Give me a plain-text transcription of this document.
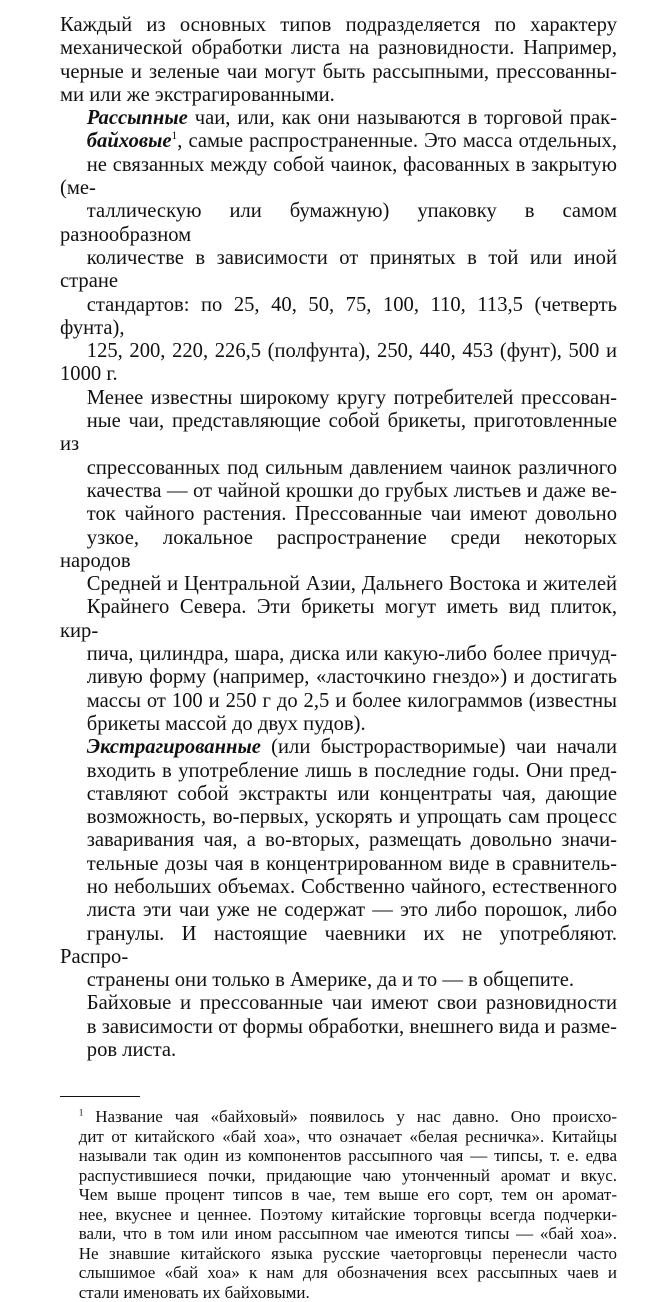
Каждый из основных типов подразделяется по характеру
механической обработки листа на разновидности. Например,
черные и зеленые чаи могут быть рассыпными, прессованны-
ми или же экстрагированными.

Рассыпные чаи, или, как они называются в торговой прак-
байховые$^1$, самые распространенные. Это масса отдельных,
не связанных между собой чаинок, фасованных в закрытую (ме-
таллическую или бумажную) упаковку в самом разнообразном
количестве в зависимости от принятых в той или иной стране
стандартов: по 25, 40, 50, 75, 100, 110, 113,5 (четверть фунта),
125, 200, 220, 226,5 (полфунта), 250, 440, 453 (фунт), 500 и 1000 г.

Менее известны широкому кругу потребителей прессован-
ные чаи, представляющие собой брикеты, приготовленные из
спрессованных под сильным давлением чаинок различного
качества — от чайной крошки до грубых листьев и даже ве-
ток чайного растения. Прессованные чаи имеют довольно
узкое, локальное распространение среди некоторых народов
Средней и Центральной Азии, Дальнего Востока и жителей
Крайнего Севера. Эти брикеты могут иметь вид плиток, кир-
пича, цилиндра, шара, диска или какую-либо более причуд-
ливую форму (например, «ласточкино гнездо») и достигать
массы от 100 и 250 г до 2,5 и более килограммов (известны
брикеты массой до двух пудов).

Экстрагированные (или быстрорастворимые) чаи начали
входить в употребление лишь в последние годы. Они пред-
ставляют собой экстракты или концентраты чая, дающие
возможность, во-первых, ускорять и упрощать сам процесс
заваривания чая, а во-вторых, размещать довольно значи-
тельные дозы чая в концентрированном виде в сравнитель-
но небольших объемах. Собственно чайного, естественного
листа эти чаи уже не содержат — это либо порошок, либо
гранулы. И настоящие чаевники их не употребляют. Распро-
странены они только в Америке, да и то — в общепите.

Байховые и прессованные чаи имеют свои разновидности
в зависимости от формы обработки, внешнего вида и разме-
ров листа.

$^1$ Название чая «байховый» появилось у нас давно. Оно происхо-
дит от китайского «бай хоа», что означает «белая ресничка». Китайцы
называли так один из компонентов рассыпного чая — типсы, т. е. едва
распустившиеся почки, придающие чаю утонченный аромат и вкус.
Чем выше процент типсов в чае, тем выше его сорт, тем он аромат-
нее, вкуснее и ценнее. Поэтому китайские торговцы всегда подчерки-
вали, что в том или ином рассыпном чае имеются типсы — «бай хоа».
Не знавшие китайского языка русские чаеторговцы перенесли часто
слышимое «бай хоа» к нам для обозначения всех рассыпных чаев и
стали именовать их байховыми.
